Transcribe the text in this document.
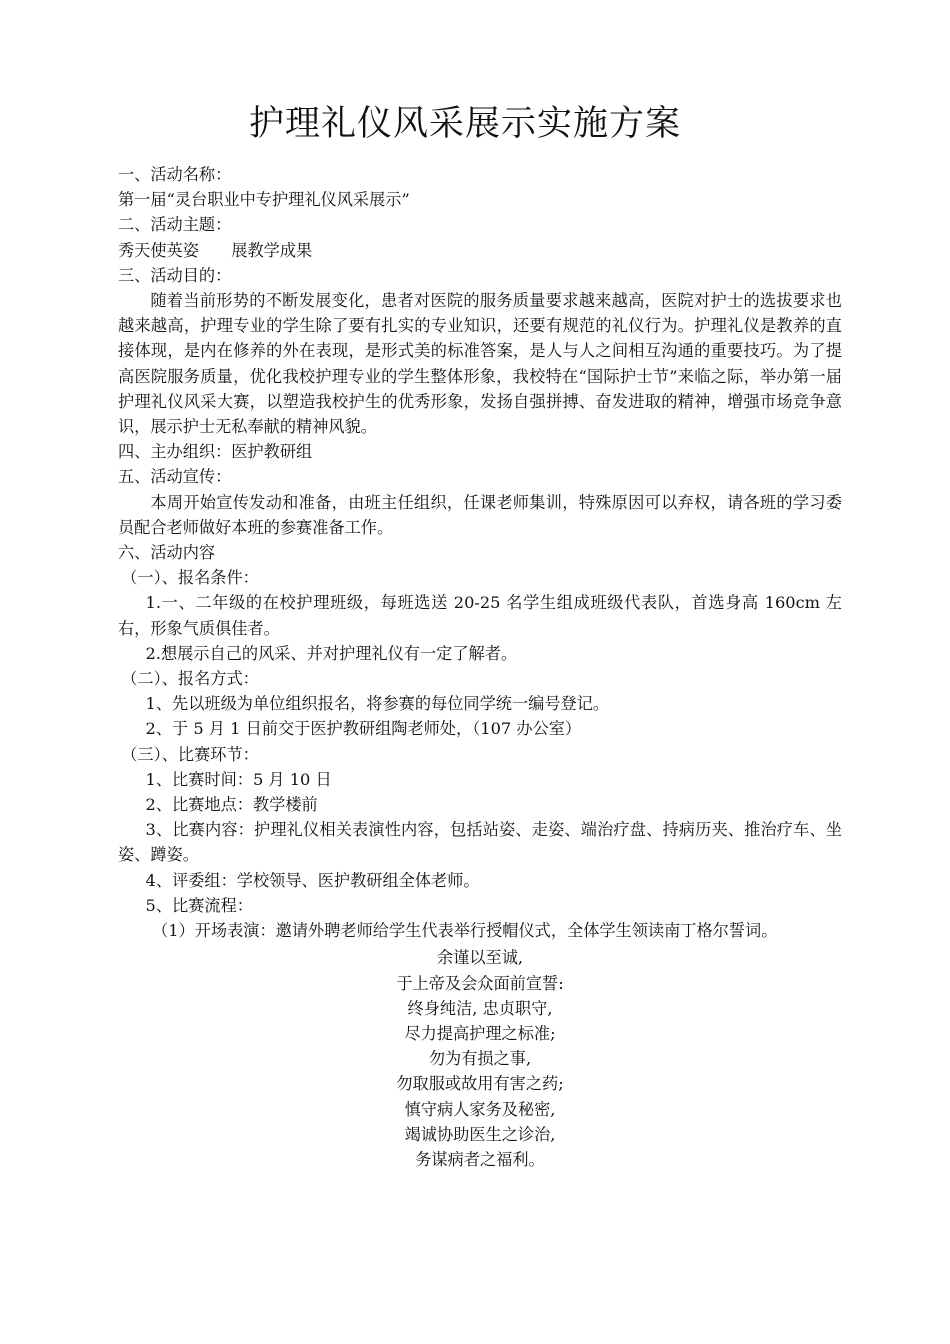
护理礼仪风采展示实施方案

一、活动名称：

第一届“灵台职业中专护理礼仪风采展示”

二、活动主题：

秀天使英姿　　展教学成果

三、活动目的：

随着当前形势的不断发展变化，患者对医院的服务质量要求越来越高，医院对护士的选拔要求也越来越高，护理专业的学生除了要有扎实的专业知识，还要有规范的礼仪行为。护理礼仪是教养的直接体现，是内在修养的外在表现，是形式美的标准答案，是人与人之间相互沟通的重要技巧。为了提高医院服务质量，优化我校护理专业的学生整体形象，我校特在“国际护士节”来临之际，举办第一届护理礼仪风采大赛，以塑造我校护生的优秀形象，发扬自强拼搏、奋发进取的精神，增强市场竞争意识，展示护士无私奉献的精神风貌。

四、主办组织：医护教研组

五、活动宣传：

本周开始宣传发动和准备，由班主任组织，任课老师集训，特殊原因可以弃权，请各班的学习委员配合老师做好本班的参赛准备工作。

六、活动内容

（一）、报名条件：

1.一、二年级的在校护理班级，每班选送 20-25 名学生组成班级代表队，首选身高 160cm 左右，形象气质俱佳者。

2.想展示自己的风采、并对护理礼仪有一定了解者。

（二）、报名方式：

1、先以班级为单位组织报名，将参赛的每位同学统一编号登记。

2、于 5 月 1 日前交于医护教研组陶老师处，（107 办公室）

（三）、比赛环节：

1、比赛时间：5 月 10 日

2、比赛地点：教学楼前

3、比赛内容：护理礼仪相关表演性内容，包括站姿、走姿、端治疗盘、持病历夹、推治疗车、坐姿、蹲姿。

4、评委组：学校领导、医护教研组全体老师。

5、比赛流程：

（1）开场表演：邀请外聘老师给学生代表举行授帽仪式，全体学生领读南丁格尔誓词。

余谨以至诚,

于上帝及会众面前宣誓:

终身纯洁, 忠贞职守,

尽力提高护理之标准;

勿为有损之事,

勿取服或故用有害之药;

慎守病人家务及秘密,

竭诚协助医生之诊治,

务谋病者之福利。
